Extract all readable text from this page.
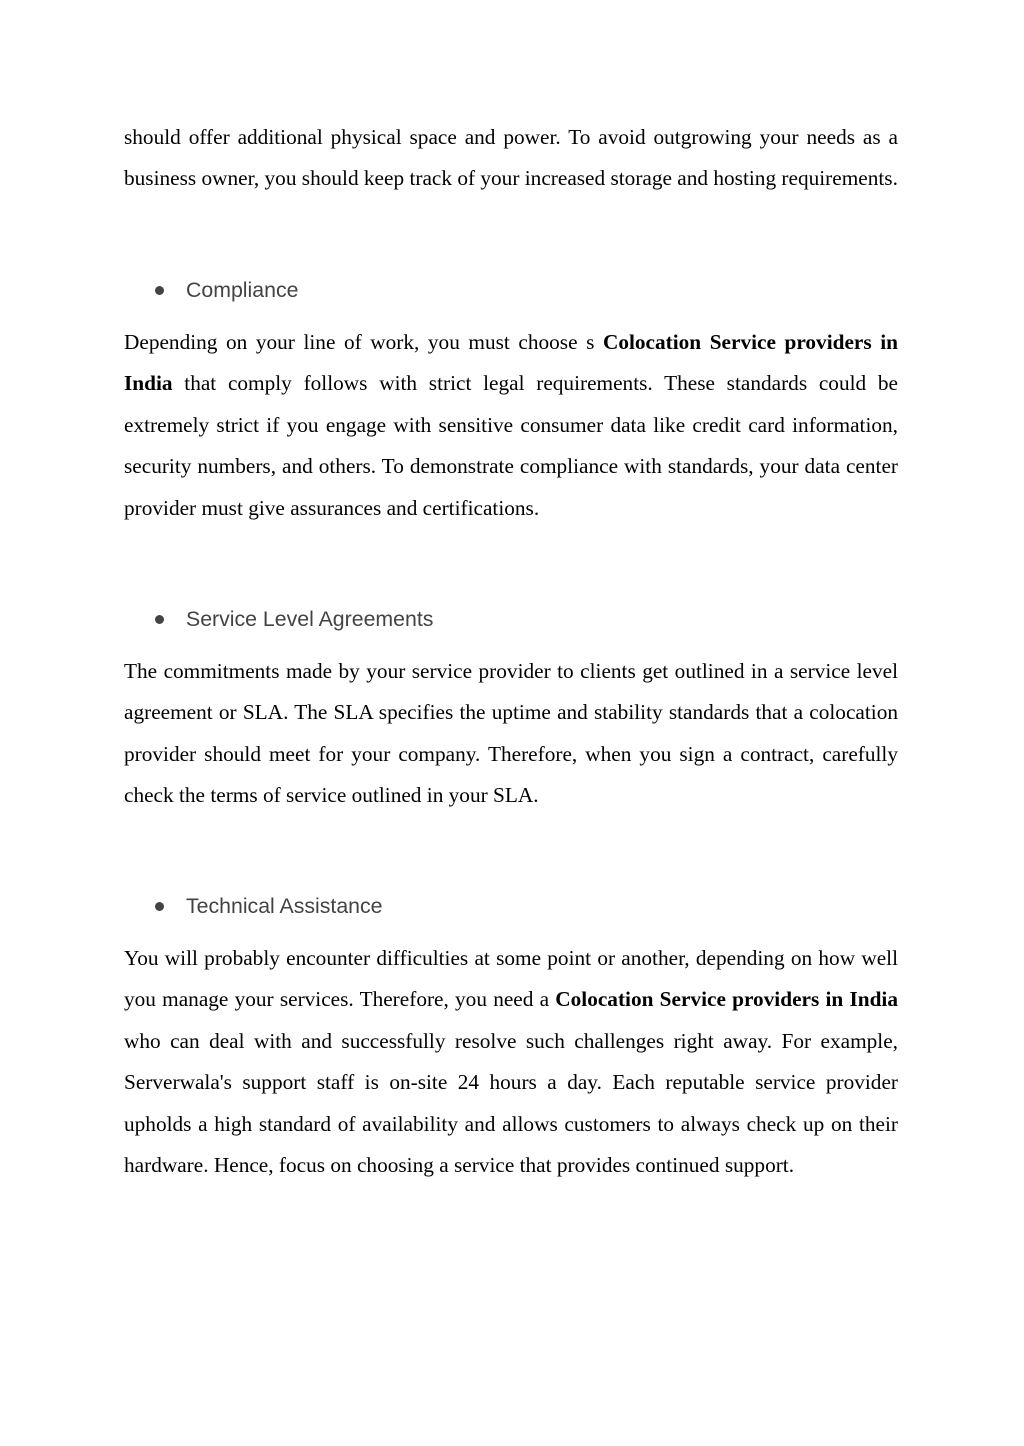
should offer additional physical space and power. To avoid outgrowing your needs as a business owner, you should keep track of your increased storage and hosting requirements.

Compliance

Depending on your line of work, you must choose s Colocation Service providers in India that comply follows with strict legal requirements. These standards could be extremely strict if you engage with sensitive consumer data like credit card information, security numbers, and others. To demonstrate compliance with standards, your data center provider must give assurances and certifications.

Service Level Agreements

The commitments made by your service provider to clients get outlined in a service level agreement or SLA. The SLA specifies the uptime and stability standards that a colocation provider should meet for your company. Therefore, when you sign a contract, carefully check the terms of service outlined in your SLA.

Technical Assistance

You will probably encounter difficulties at some point or another, depending on how well you manage your services. Therefore, you need a Colocation Service providers in India who can deal with and successfully resolve such challenges right away. For example, Serverwala's support staff is on-site 24 hours a day. Each reputable service provider upholds a high standard of availability and allows customers to always check up on their hardware. Hence, focus on choosing a service that provides continued support.
